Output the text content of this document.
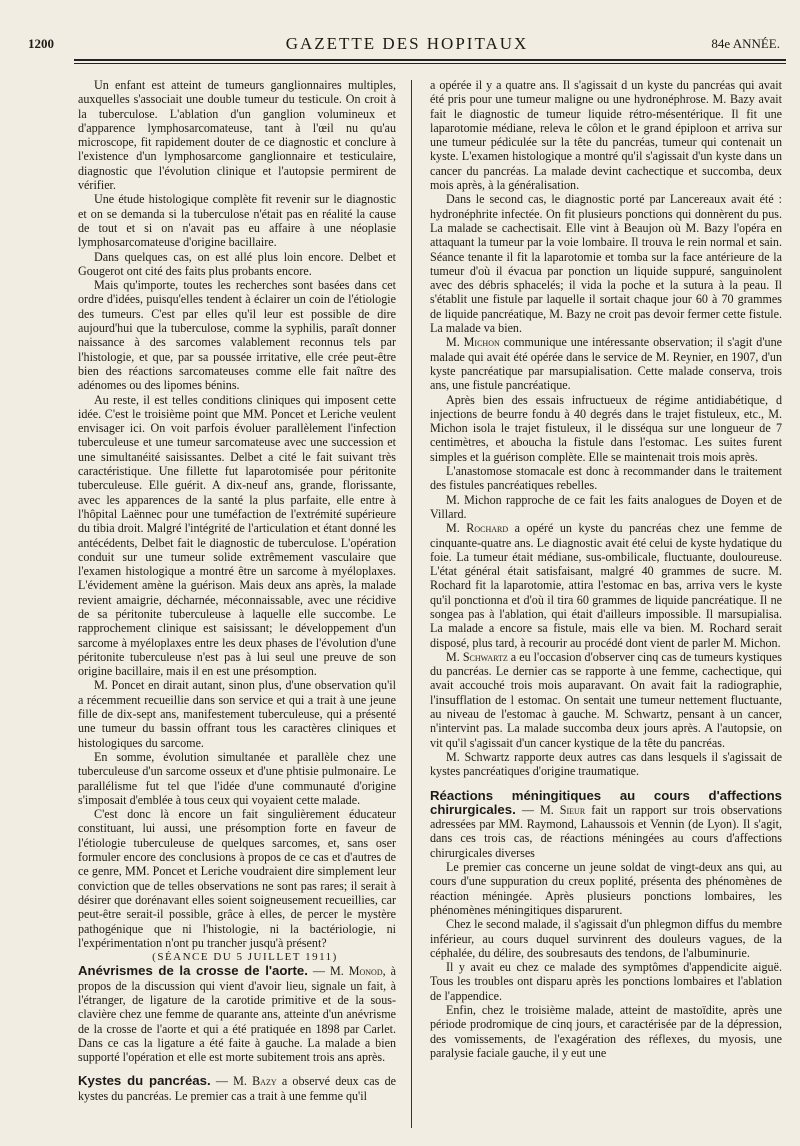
1200	GAZETTE DES HOPITAUX	84e ANNÉE.

Un enfant est atteint de tumeurs ganglionnaires multiples, auxquelles s'associait une double tumeur du testicule. On croit à la tuberculose. L'ablation d'un ganglion volumineux et d'apparence lymphosarcomateuse, tant à l'œil nu qu'au microscope, fit rapidement douter de ce diagnostic et conclure à l'existence d'un lymphosarcome ganglionnaire et testiculaire, diagnostic que l'évolution clinique et l'autopsie permirent de vérifier.

Une étude histologique complète fit revenir sur le diagnostic et on se demanda si la tuberculose n'était pas en réalité la cause de tout et si on n'avait pas eu affaire à une néoplasie lymphosarcomateuse d'origine bacillaire.

Dans quelques cas, on est allé plus loin encore. Delbet et Gougerot ont cité des faits plus probants encore.

Mais qu'importe, toutes les recherches sont basées dans cet ordre d'idées, puisqu'elles tendent à éclairer un coin de l'étiologie des tumeurs. C'est par elles qu'il leur est possible de dire aujourd'hui que la tuberculose, comme la syphilis, paraît donner naissance à des sarcomes valablement reconnus tels par l'histologie, et que, par sa poussée irritative, elle crée peut-être bien des réactions sarcomateuses comme elle fait naître des adénomes ou des lipomes bénins.

Au reste, il est telles conditions cliniques qui imposent cette idée. C'est le troisième point que MM. Poncet et Leriche veulent envisager ici. On voit parfois évoluer parallèlement l'infection tuberculeuse et une tumeur sarcomateuse avec une succession et une simultanéité saisissantes. Delbet a cité le fait suivant très caractéristique. Une fillette fut laparotomisée pour péritonite tuberculeuse. Elle guérit. A dix-neuf ans, grande, florissante, avec les apparences de la santé la plus parfaite, elle entre à l'hôpital Laënnec pour une tuméfaction de l'extrémité supérieure du tibia droit. Malgré l'intégrité de l'articulation et étant donné les antécédents, Delbet fait le diagnostic de tuberculose. L'opération conduit sur une tumeur solide extrêmement vasculaire que l'examen histologique a montré être un sarcome à myéloplaxes. L'évidement amène la guérison. Mais deux ans après, la malade revient amaigrie, décharnée, méconnaissable, avec une récidive de sa péritonite tuberculeuse à laquelle elle succombe. Le rapprochement clinique est saisissant; le développement d'un sarcome à myéloplaxes entre les deux phases de l'évolution d'une péritonite tuberculeuse n'est pas à lui seul une preuve de son origine bacillaire, mais il en est une présomption.

M. Poncet en dirait autant, sinon plus, d'une observation qu'il a récemment recueillie dans son service et qui a trait à une jeune fille de dix-sept ans, manifestement tuberculeuse, qui a présenté une tumeur du bassin offrant tous les caractères cliniques et histologiques du sarcome.

En somme, évolution simultanée et parallèle chez une tuberculeuse d'un sarcome osseux et d'une phtisie pulmonaire. Le parallélisme fut tel que l'idée d'une communauté d'origine s'imposait d'emblée à tous ceux qui voyaient cette malade.

C'est donc là encore un fait singulièrement éducateur constituant, lui aussi, une présomption forte en faveur de l'étiologie tuberculeuse de quelques sarcomes, et, sans oser formuler encore des conclusions à propos de ce cas et d'autres de ce genre, MM. Poncet et Leriche voudraient dire simplement leur conviction que de telles observations ne sont pas rares; il serait à désirer que dorénavant elles soient soigneusement recueillies, car peut-être serait-il possible, grâce à elles, de percer le mystère pathogénique que ni l'histologie, ni la bactériologie, ni l'expérimentation n'ont pu trancher jusqu'à présent?

(SÉANCE DU 5 JUILLET 1911)

Anévrismes de la crosse de l'aorte. — M. Monod, à propos de la discussion qui vient d'avoir lieu, signale un fait, à l'étranger, de ligature de la carotide primitive et de la sous-clavière chez une femme de quarante ans, atteinte d'un anévrisme de la crosse de l'aorte et qui a été pratiquée en 1898 par Carlet. Dans ce cas la ligature a été faite à gauche. La malade a bien supporté l'opération et elle est morte subitement trois ans après.

Kystes du pancréas. — M. Bazy a observé deux cas de kystes du pancréas. Le premier cas a trait à une femme qu'il

a opérée il y a quatre ans. Il s'agissait d un kyste du pancréas qui avait été pris pour une tumeur maligne ou une hydronéphrose. M. Bazy avait fait le diagnostic de tumeur liquide rétro-mésentérique. Il fit une laparotomie médiane, releva le côlon et le grand épiploon et arriva sur une tumeur pédiculée sur la tête du pancréas, tumeur qui contenait un kyste. L'examen histologique a montré qu'il s'agissait d'un kyste dans un cancer du pancréas. La malade devint cachectique et succomba, deux mois après, à la généralisation.

Dans le second cas, le diagnostic porté par Lancereaux avait été : hydronéphrite infectée. On fit plusieurs ponctions qui donnèrent du pus. La malade se cachectisait. Elle vint à Beaujon où M. Bazy l'opéra en attaquant la tumeur par la voie lombaire. Il trouva le rein normal et sain. Séance tenante il fit la laparotomie et tomba sur la face antérieure de la tumeur d'où il évacua par ponction un liquide suppuré, sanguinolent avec des débris sphacelés; il vida la poche et la sutura à la peau. Il s'établit une fistule par laquelle il sortait chaque jour 60 à 70 grammes de liquide pancréatique, M. Bazy ne croit pas devoir fermer cette fistule. La malade va bien.

M. Michon communique une intéressante observation; il s'agit d'une malade qui avait été opérée dans le service de M. Reynier, en 1907, d'un kyste pancréatique par marsupialisation. Cette malade conserva, trois ans, une fistule pancréatique.

Après bien des essais infructueux de régime antidiabétique, d injections de beurre fondu à 40 degrés dans le trajet fistuleux, etc., M. Michon isola le trajet fistuleux, il le disséqua sur une longueur de 7 centimètres, et aboucha la fistule dans l'estomac. Les suites furent simples et la guérison complète. Elle se maintenait trois mois après.

L'anastomose stomacale est donc à recommander dans le traitement des fistules pancréatiques rebelles.

M. Michon rapproche de ce fait les faits analogues de Doyen et de Villard.

M. Rochard a opéré un kyste du pancréas chez une femme de cinquante-quatre ans. Le diagnostic avait été celui de kyste hydatique du foie. La tumeur était médiane, sus-ombilicale, fluctuante, douloureuse. L'état général était satisfaisant, malgré 40 grammes de sucre. M. Rochard fit la laparotomie, attira l'estomac en bas, arriva vers le kyste qu'il ponctionna et d'où il tira 60 grammes de liquide pancréatique. Il ne songea pas à l'ablation, qui était d'ailleurs impossible. Il marsupialisa. La malade a encore sa fistule, mais elle va bien. M. Rochard serait disposé, plus tard, à recourir au procédé dont vient de parler M. Michon.

M. Schwartz a eu l'occasion d'observer cinq cas de tumeurs kystiques du pancréas. Le dernier cas se rapporte à une femme, cachectique, qui avait accouché trois mois auparavant. On avait fait la radiographie, l'insufflation de l estomac. On sentait une tumeur nettement fluctuante, au niveau de l'estomac à gauche. M. Schwartz, pensant à un cancer, n'intervint pas. La malade succomba deux jours après. A l'autopsie, on vit qu'il s'agissait d'un cancer kystique de la tête du pancréas.

M. Schwartz rapporte deux autres cas dans lesquels il s'agissait de kystes pancréatiques d'origine traumatique.

Réactions méningitiques au cours d'affections chirurgicales. — M. Sieur fait un rapport sur trois observations adressées par MM. Raymond, Lahaussois et Vennin (de Lyon). Il s'agit, dans ces trois cas, de réactions méningées au cours d'affections chirurgicales diverses

Le premier cas concerne un jeune soldat de vingt-deux ans qui, au cours d'une suppuration du creux poplité, présenta des phénomènes de réaction méningée. Après plusieurs ponctions lombaires, les phénomènes méningitiques disparurent.

Chez le second malade, il s'agissait d'un phlegmon diffus du membre inférieur, au cours duquel survinrent des douleurs vagues, de la céphalée, du délire, des soubresauts des tendons, de l'albuminurie.

Il y avait eu chez ce malade des symptômes d'appendicite aiguë. Tous les troubles ont disparu après les ponctions lombaires et l'ablation de l'appendice.

Enfin, chez le troisième malade, atteint de mastoïdite, après une période prodromique de cinq jours, et caractérisée par de la dépression, des vomissements, de l'exagération des réflexes, du myosis, une paralysie faciale gauche, il y eut une
